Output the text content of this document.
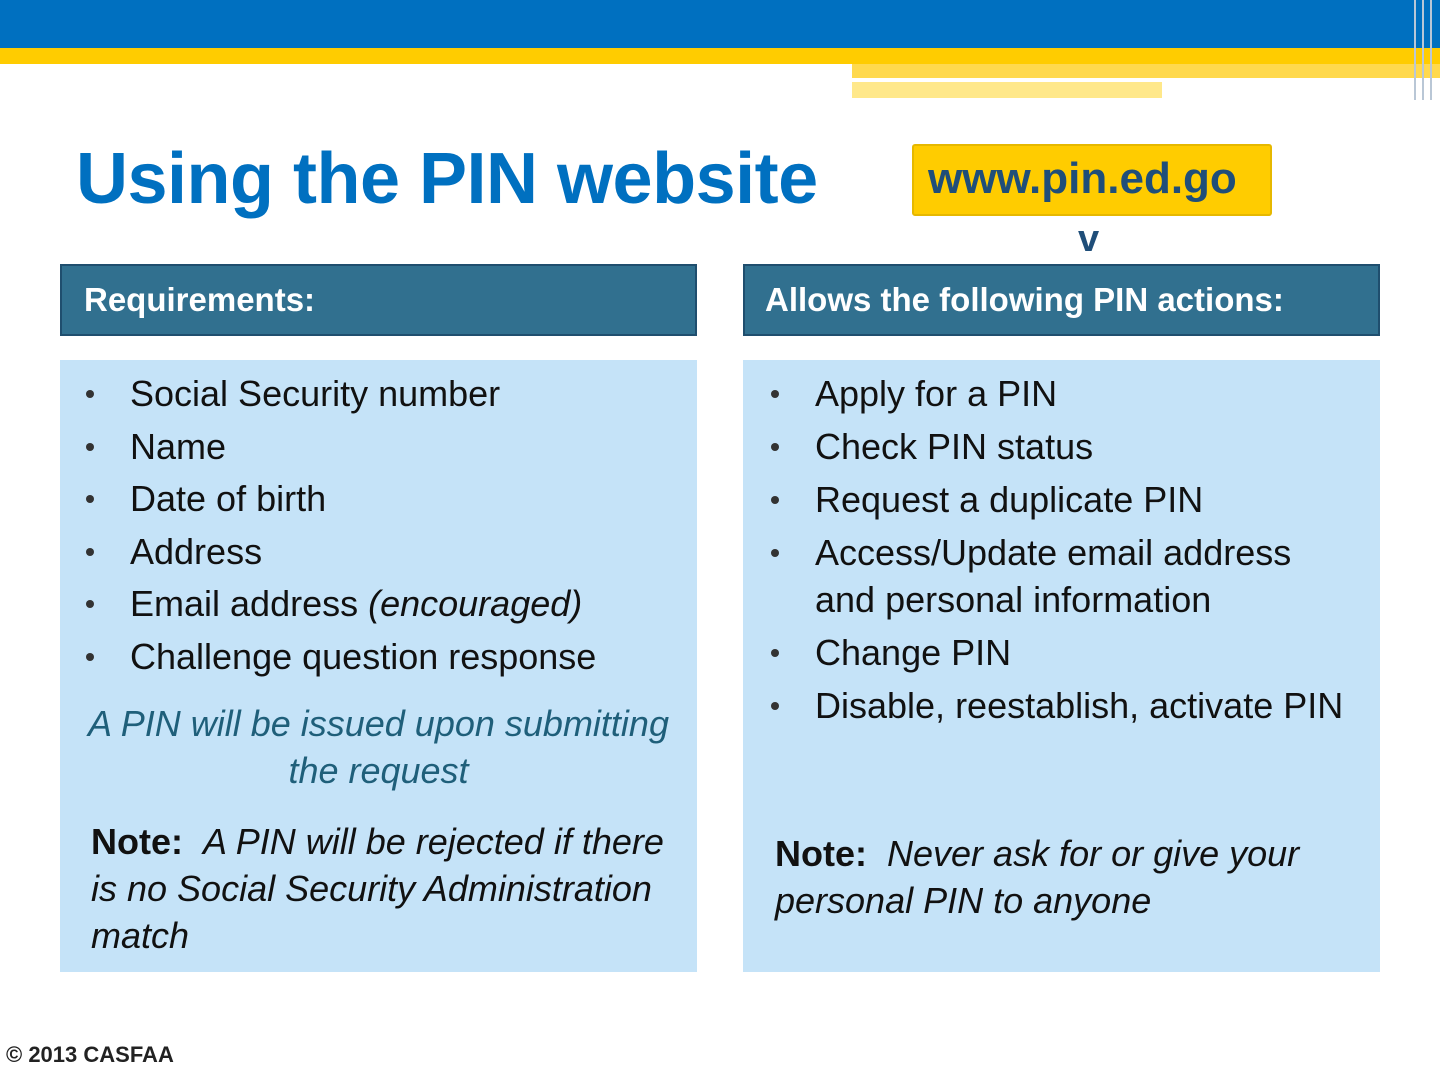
Using the PIN website	www.pin.ed.go
v
Requirements:	Allows the following PIN actions:
Social Security number
Name
Date of birth
Address
Email address (encouraged)
Challenge question response
A PIN will be issued upon submitting the request
Note: A PIN will be rejected if there is no Social Security Administration match
Apply for a PIN
Check PIN status
Request a duplicate PIN
Access/Update email address and personal information
Change PIN
Disable, reestablish, activate PIN
Note: Never ask for or give your personal PIN to anyone
© 2013 CASFAA
